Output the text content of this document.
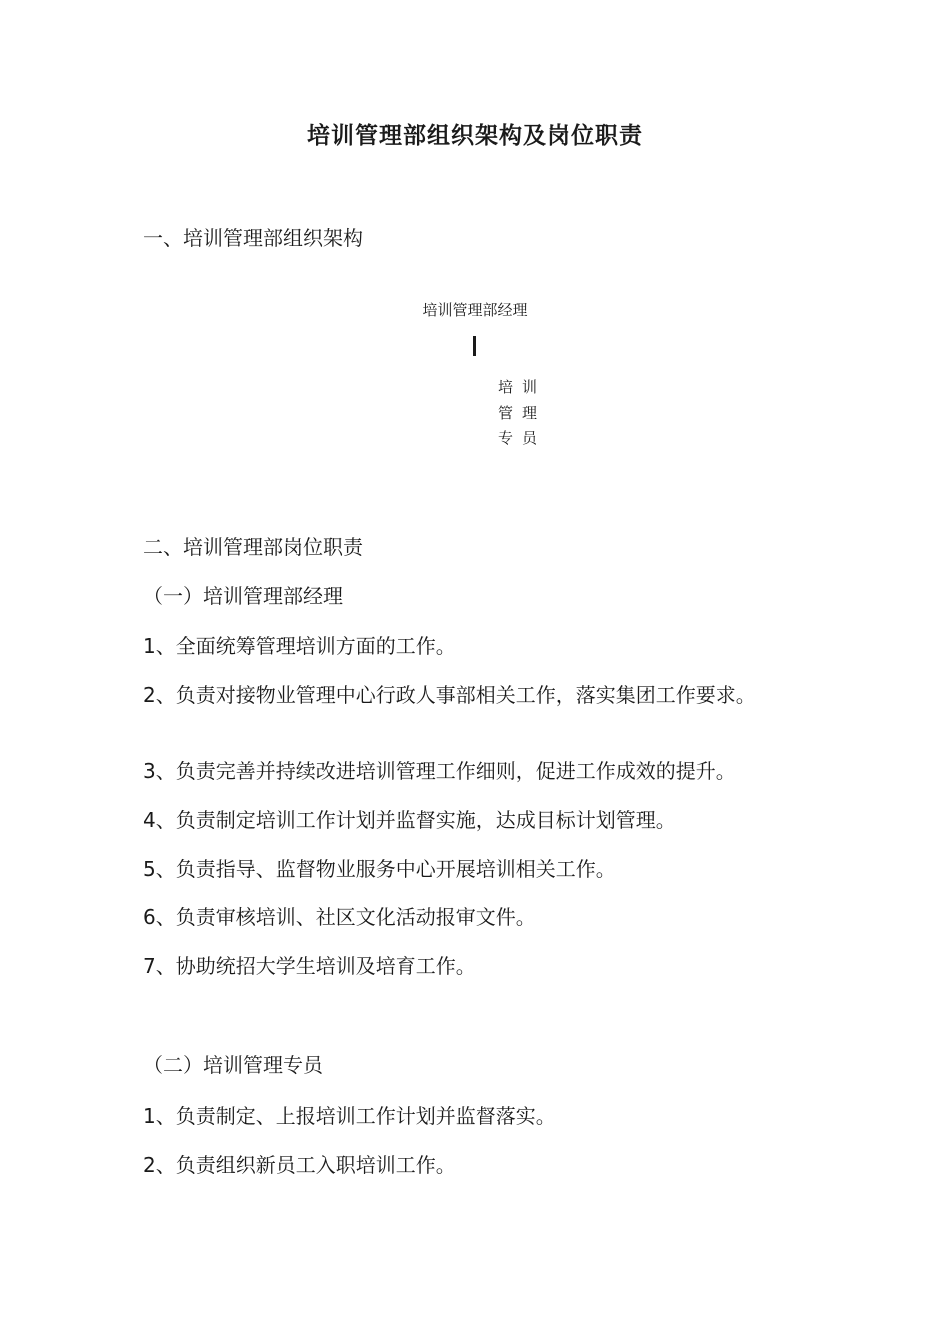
培训管理部组织架构及岗位职责
一、培训管理部组织架构
培训管理部经理
培训管理专员
二、培训管理部岗位职责
（一）培训管理部经理
1、全面统筹管理培训方面的工作。
2、负责对接物业管理中心行政人事部相关工作，落实集团工作要求。
3、负责完善并持续改进培训管理工作细则，促进工作成效的提升。
4、负责制定培训工作计划并监督实施，达成目标计划管理。
5、负责指导、监督物业服务中心开展培训相关工作。
6、负责审核培训、社区文化活动报审文件。
7、协助统招大学生培训及培育工作。
（二）培训管理专员
1、负责制定、上报培训工作计划并监督落实。
2、负责组织新员工入职培训工作。
